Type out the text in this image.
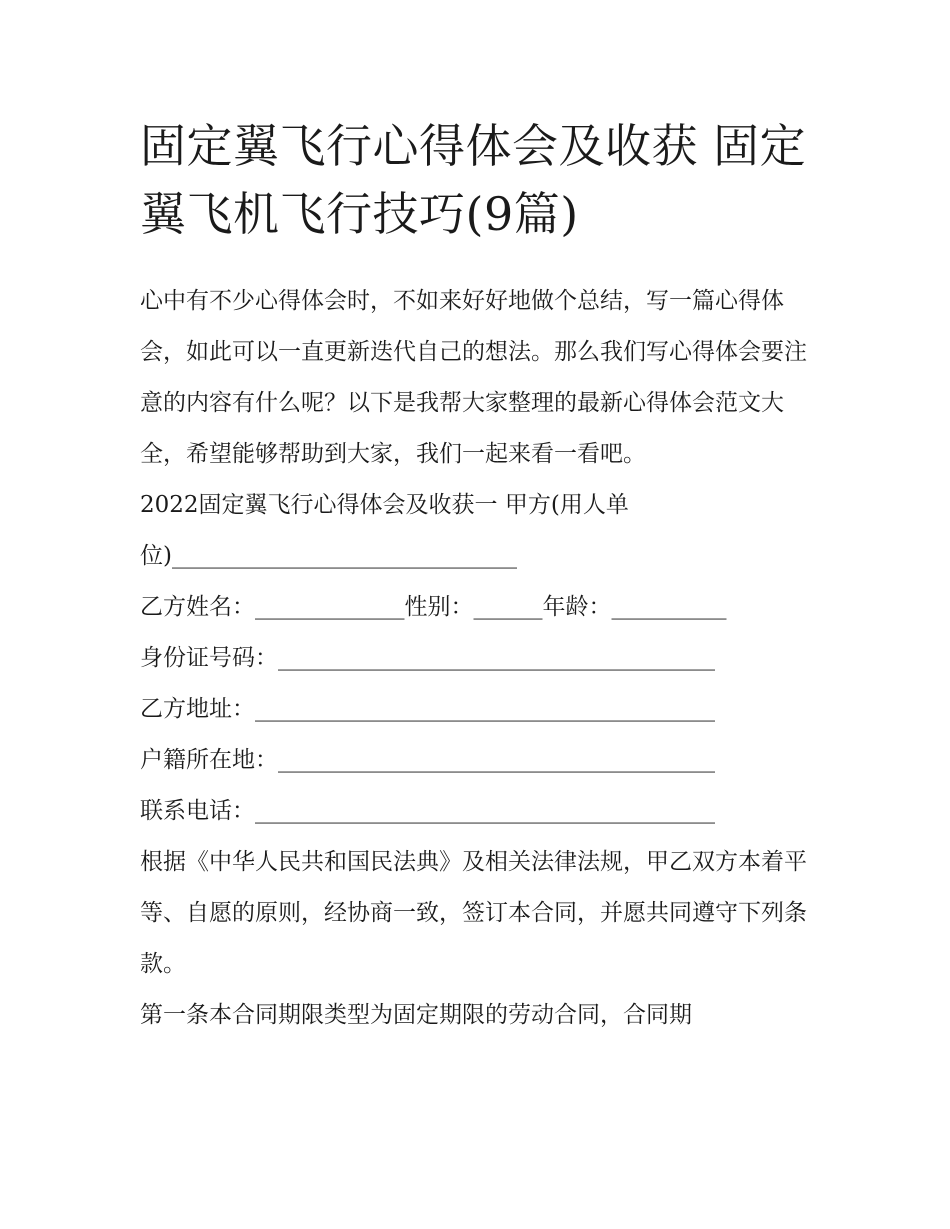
固定翼飞行心得体会及收获 固定翼飞机飞行技巧(9篇)

心中有不少心得体会时，不如来好好地做个总结，写一篇心得体会，如此可以一直更新迭代自己的想法。那么我们写心得体会要注意的内容有什么呢？以下是我帮大家整理的最新心得体会范文大全，希望能够帮助到大家，我们一起来看一看吧。

2022固定翼飞行心得体会及收获一 甲方(用人单位)______________________________

乙方姓名：_____________性别：______年龄：__________

身份证号码：______________________________________

乙方地址：________________________________________

户籍所在地：______________________________________

联系电话：________________________________________

根据《中华人民共和国民法典》及相关法律法规，甲乙双方本着平等、自愿的原则，经协商一致，签订本合同，并愿共同遵守下列条款。

第一条本合同期限类型为固定期限的劳动合同，合同期
